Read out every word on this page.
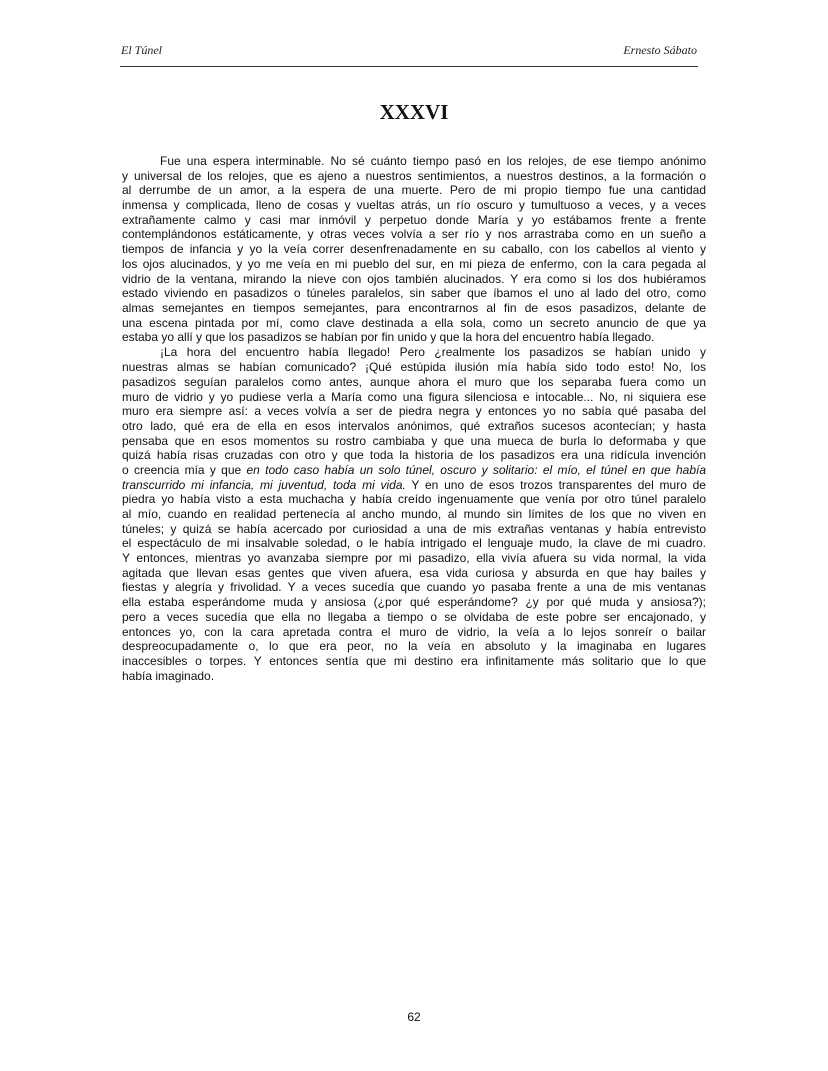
El Túnel	Ernesto Sábato
XXXVI
Fue una espera interminable. No sé cuánto tiempo pasó en los relojes, de ese tiempo anónimo
y universal de los relojes, que es ajeno a nuestros sentimientos, a nuestros destinos, a la formación o
al derrumbe de un amor, a la espera de una muerte. Pero de mi propio tiempo fue una cantidad
inmensa y complicada, lleno de cosas y vueltas atrás, un río oscuro y tumultuoso a veces, y a veces
extrañamente calmo y casi mar inmóvil y perpetuo donde María y yo estábamos frente a frente
contemplándonos estáticamente, y otras veces volvía a ser río y nos arrastraba como en un sueño a
tiempos de infancia y yo la veía correr desenfrenadamente en su caballo, con los cabellos al viento y
los ojos alucinados, y yo me veía en mi pueblo del sur, en mi pieza de enfermo, con la cara pegada al
vidrio de la ventana, mirando la nieve con ojos también alucinados. Y era como si los dos hubiéramos
estado viviendo en pasadizos o túneles paralelos, sin saber que íbamos el uno al lado del otro, como
almas semejantes en tiempos semejantes, para encontrarnos al fin de esos pasadizos, delante de
una escena pintada por mí, como clave destinada a ella sola, como un secreto anuncio de que ya
estaba yo allí y que los pasadizos se habían por fin unido y que la hora del encuentro había llegado.
¡La hora del encuentro había llegado! Pero ¿realmente los pasadizos se habían unido y
nuestras almas se habían comunicado? ¡Qué estúpida ilusión mía había sido todo esto! No, los
pasadizos seguían paralelos como antes, aunque ahora el muro que los separaba fuera como un
muro de vidrio y yo pudiese verla a María como una figura silenciosa e intocable... No, ni siquiera ese
muro era siempre así: a veces volvía a ser de piedra negra y entonces yo no sabía qué pasaba del
otro lado, qué era de ella en esos intervalos anónimos, qué extraños sucesos acontecían; y hasta
pensaba que en esos momentos su rostro cambiaba y que una mueca de burla lo deformaba y que
quizá había risas cruzadas con otro y que toda la historia de los pasadizos era una ridícula invención
o creencia mía y que en todo caso había un solo túnel, oscuro y solitario: el mío, el túnel en que había
transcurrido mi infancia, mi juventud, toda mi vida. Y en uno de esos trozos transparentes del muro de
piedra yo había visto a esta muchacha y había creído ingenuamente que venía por otro túnel paralelo
al mío, cuando en realidad pertenecía al ancho mundo, al mundo sin límites de los que no viven en
túneles; y quizá se había acercado por curiosidad a una de mis extrañas ventanas y había entrevisto
el espectáculo de mi insalvable soledad, o le había intrigado el lenguaje mudo, la clave de mi cuadro.
Y entonces, mientras yo avanzaba siempre por mi pasadizo, ella vivía afuera su vida normal, la vida
agitada que llevan esas gentes que viven afuera, esa vida curiosa y absurda en que hay bailes y
fiestas y alegría y frivolidad. Y a veces sucedía que cuando yo pasaba frente a una de mis ventanas
ella estaba esperándome muda y ansiosa (¿por qué esperándome? ¿y por qué muda y ansiosa?);
pero a veces sucedía que ella no llegaba a tiempo o se olvidaba de este pobre ser encajonado, y
entonces yo, con la cara apretada contra el muro de vidrio, la veía a lo lejos sonreír o bailar
despreocupadamente o, lo que era peor, no la veía en absoluto y la imaginaba en lugares
inaccesibles o torpes. Y entonces sentía que mi destino era infinitamente más solitario que lo que
había imaginado.
62
